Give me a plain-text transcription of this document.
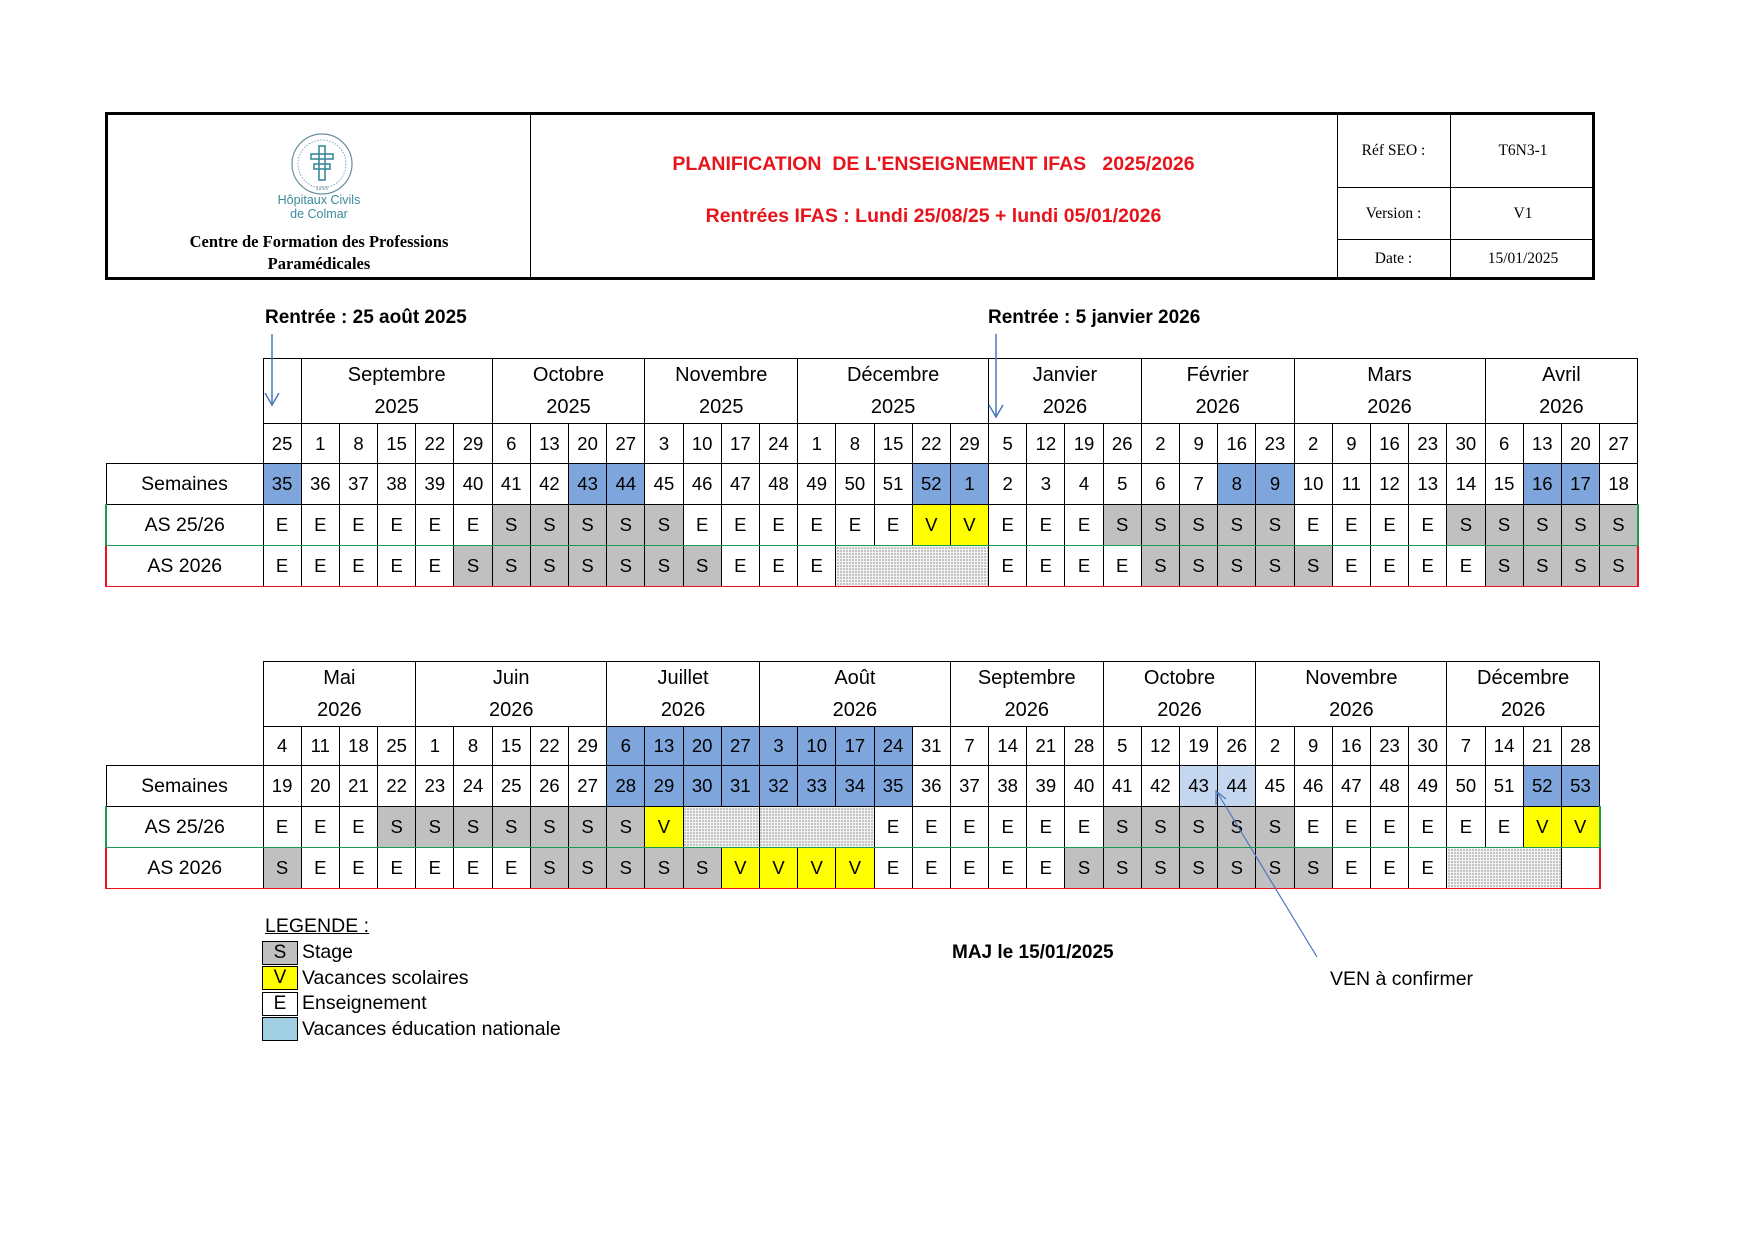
1255
Hôpitaux Civils
de Colmar
Centre de Formation des Professions
Paramédicales
PLANIFICATION  DE L'ENSEIGNEMENT IFAS   2025/2026
Rentrées IFAS : Lundi 25/08/25 + lundi 05/01/2026
Réf SEO :	T6N3-1
Version :	V1
Date :	15/01/2025
Rentrée : 25 août 2025	Rentrée : 5 janvier 2026
MAJ le 15/01/2025
VEN à confirmer
		Septembre					Octobre				Novembre				Décembre					Janvier				Février				Mars					Avril			
		2025					2025				2025				2025					2026				2026				2026					2026			
	25	1	8	15	22	29	6	13	20	27	3	10	17	24	1	8	15	22	29	5	12	19	26	2	9	16	23	2	9	16	23	30	6	13	20	27
Semaines	35	36	37	38	39	40	41	42	43	44	45	46	47	48	49	50	51	52	1	2	3	4	5	6	7	8	9	10	11	12	13	14	15	16	17	18
AS 25/26	E	E	E	E	E	E	S	S	S	S	S	E	E	E	E	E	E	V	V	E	E	E	S	S	S	S	S	E	E	E	E	S	S	S	S	S
AS 2026	E	E	E	E	E	S	S	S	S	S	S	S	E	E	E					E	E	E	E	S	S	S	S	S	E	E	E	E	S	S	S	S
	Mai				Juin					Juillet				Août					Septembre				Octobre				Novembre					Décembre			
	2026				2026					2026				2026					2026				2026				2026					2026			
	4	11	18	25	1	8	15	22	29	6	13	20	27	3	10	17	24	31	7	14	21	28	5	12	19	26	2	9	16	23	30	7	14	21	28
Semaines	19	20	21	22	23	24	25	26	27	28	29	30	31	32	33	34	35	36	37	38	39	40	41	42	43	44	45	46	47	48	49	50	51	52	53
AS 25/26	E	E	E	S	S	S	S	S	S	S	V						E	E	E	E	E	E	S	S	S	S	S	E	E	E	E	E	E	V	V
AS 2026	S	E	E	E	E	E	E	S	S	S	S	S	V	V	V	V	E	E	E	E	E	S	S	S	S	S	S	S	E	E	E				
LEGENDE :
S Stage
V Vacances scolaires
E Enseignement
Vacances éducation nationale
